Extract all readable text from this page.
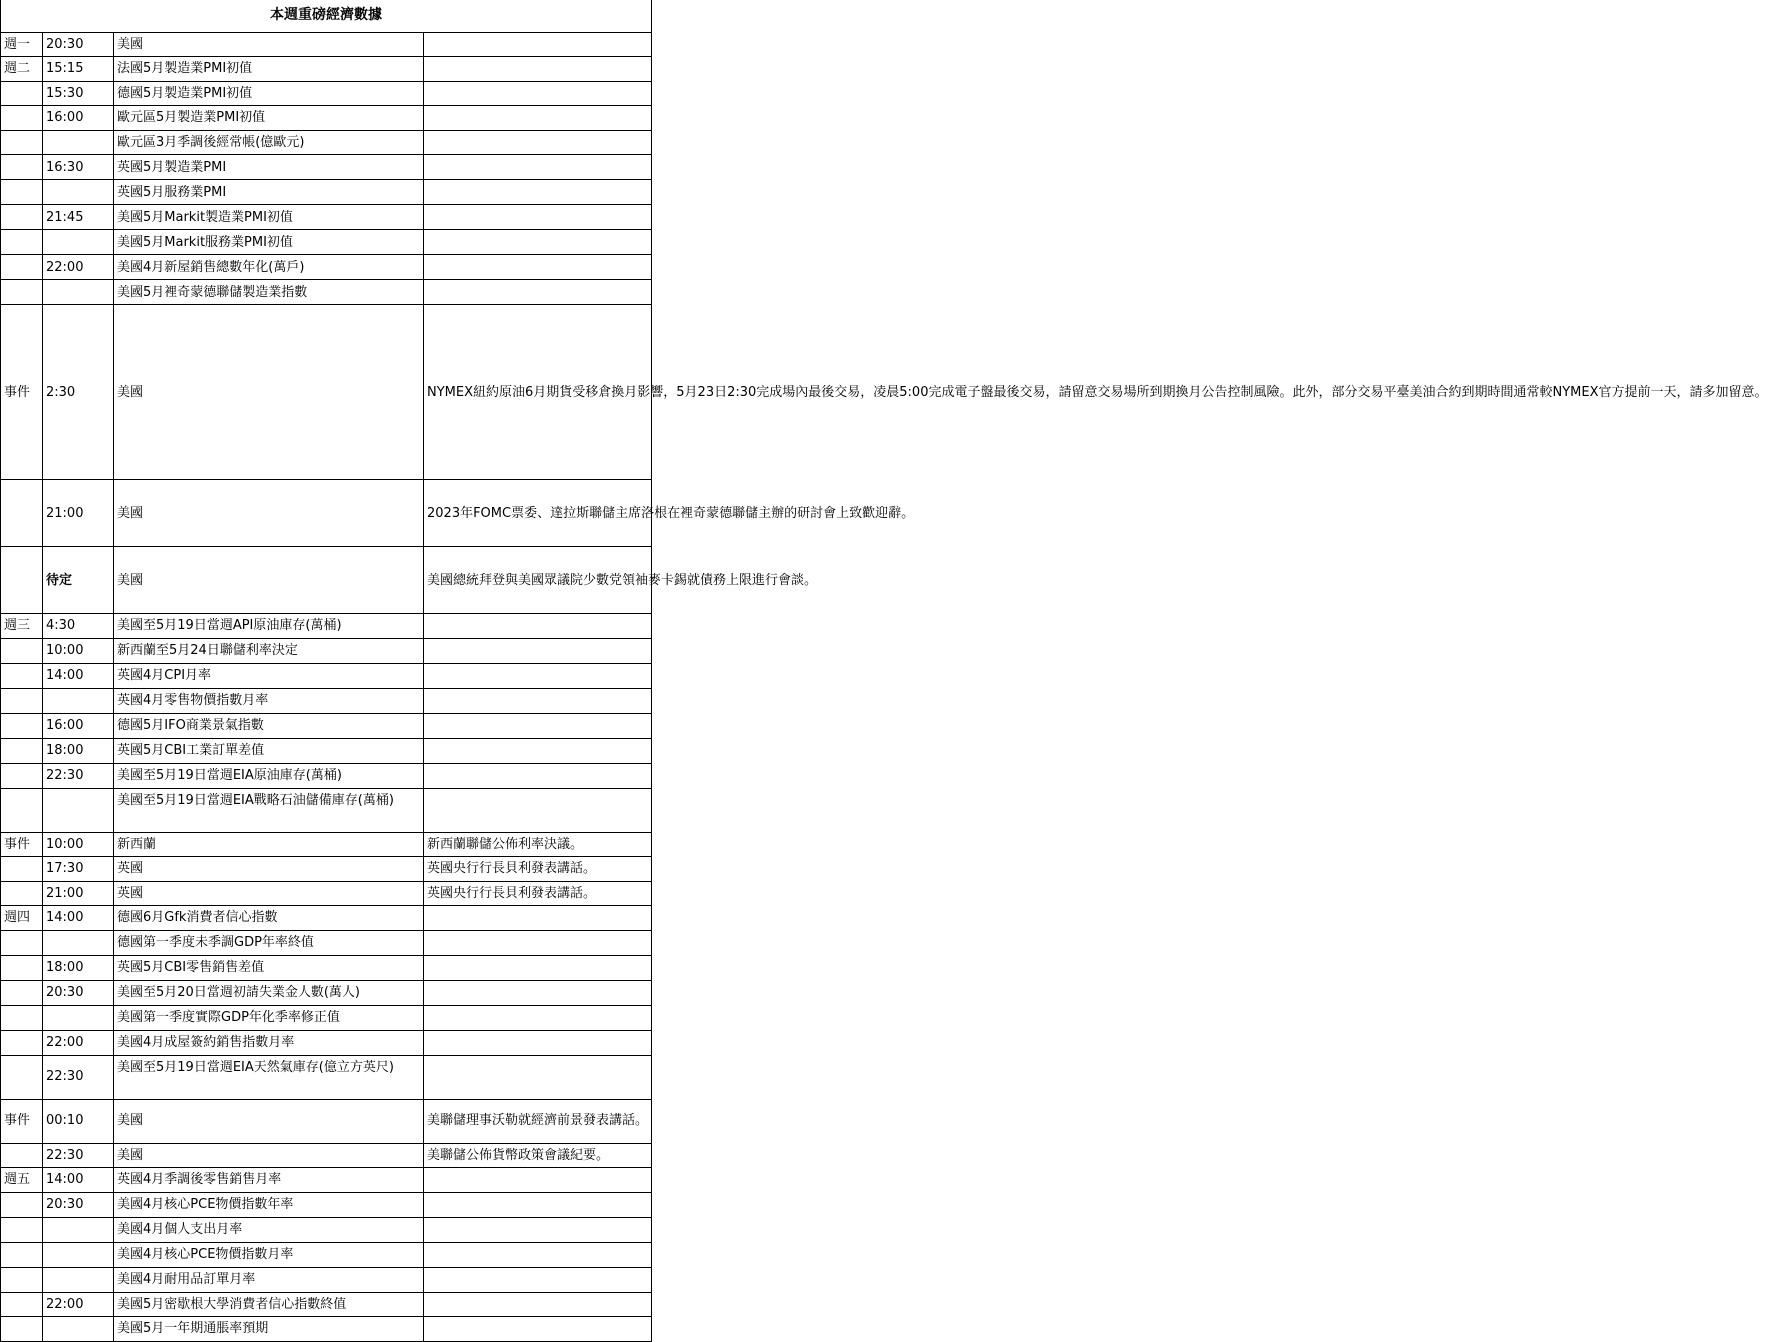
本週重磅經濟數據			
週一	20:30	美國	
週二	15:15	法國5月製造業PMI初值	
	15:30	德國5月製造業PMI初值	
	16:00	歐元區5月製造業PMI初值	
		歐元區3月季調後經常帳(億歐元)	
	16:30	英國5月製造業PMI	
		英國5月服務業PMI	
	21:45	美國5月Markit製造業PMI初值	
		美國5月Markit服務業PMI初值	
	22:00	美國4月新屋銷售總數年化(萬戶)	
		美國5月裡奇蒙德聯儲製造業指數	
事件	2:30	美國	NYMEX紐約原油6月期貨受移倉換月影響，5月23日2:30完成場內最後交易，凌晨5:00完成電子盤最後交易，請留意交易場所到期換月公告控制風險。此外，部分交易平臺美油合約到期時間通常較NYMEX官方提前一天，請多加留意。
	21:00	美國	2023年FOMC票委、達拉斯聯儲主席洛根在裡奇蒙德聯儲主辦的研討會上致歡迎辭。
	待定	美國	美國總統拜登與美國眾議院少數党領袖麥卡錫就債務上限進行會談。
週三	4:30	美國至5月19日當週API原油庫存(萬桶)	
	10:00	新西蘭至5月24日聯儲利率決定	
	14:00	英國4月CPI月率	
		英國4月零售物價指數月率	
	16:00	德國5月IFO商業景氣指數	
	18:00	英國5月CBI工業訂單差值	
	22:30	美國至5月19日當週EIA原油庫存(萬桶)	
		美國至5月19日當週EIA戰略石油儲備庫存(萬桶)	
事件	10:00	新西蘭	新西蘭聯儲公佈利率決議。
	17:30	英國	英國央行行長貝利發表講話。
	21:00	英國	英國央行行長貝利發表講話。
週四	14:00	德國6月Gfk消費者信心指數	
		德國第一季度未季調GDP年率終值	
	18:00	英國5月CBI零售銷售差值	
	20:30	美國至5月20日當週初請失業金人數(萬人)	
		美國第一季度實際GDP年化季率修正值	
	22:00	美國4月成屋簽約銷售指數月率	
	22:30	美國至5月19日當週EIA天然氣庫存(億立方英尺)	
事件	00:10	美國	美聯儲理事沃勒就經濟前景發表講話。
	22:30	美國	美聯儲公佈貨幣政策會議紀要。
週五	14:00	英國4月季調後零售銷售月率	
	20:30	美國4月核心PCE物價指數年率	
		美國4月個人支出月率	
		美國4月核心PCE物價指數月率	
		美國4月耐用品訂單月率	
	22:00	美國5月密歇根大學消費者信心指數終值	
		美國5月一年期通脹率預期	
